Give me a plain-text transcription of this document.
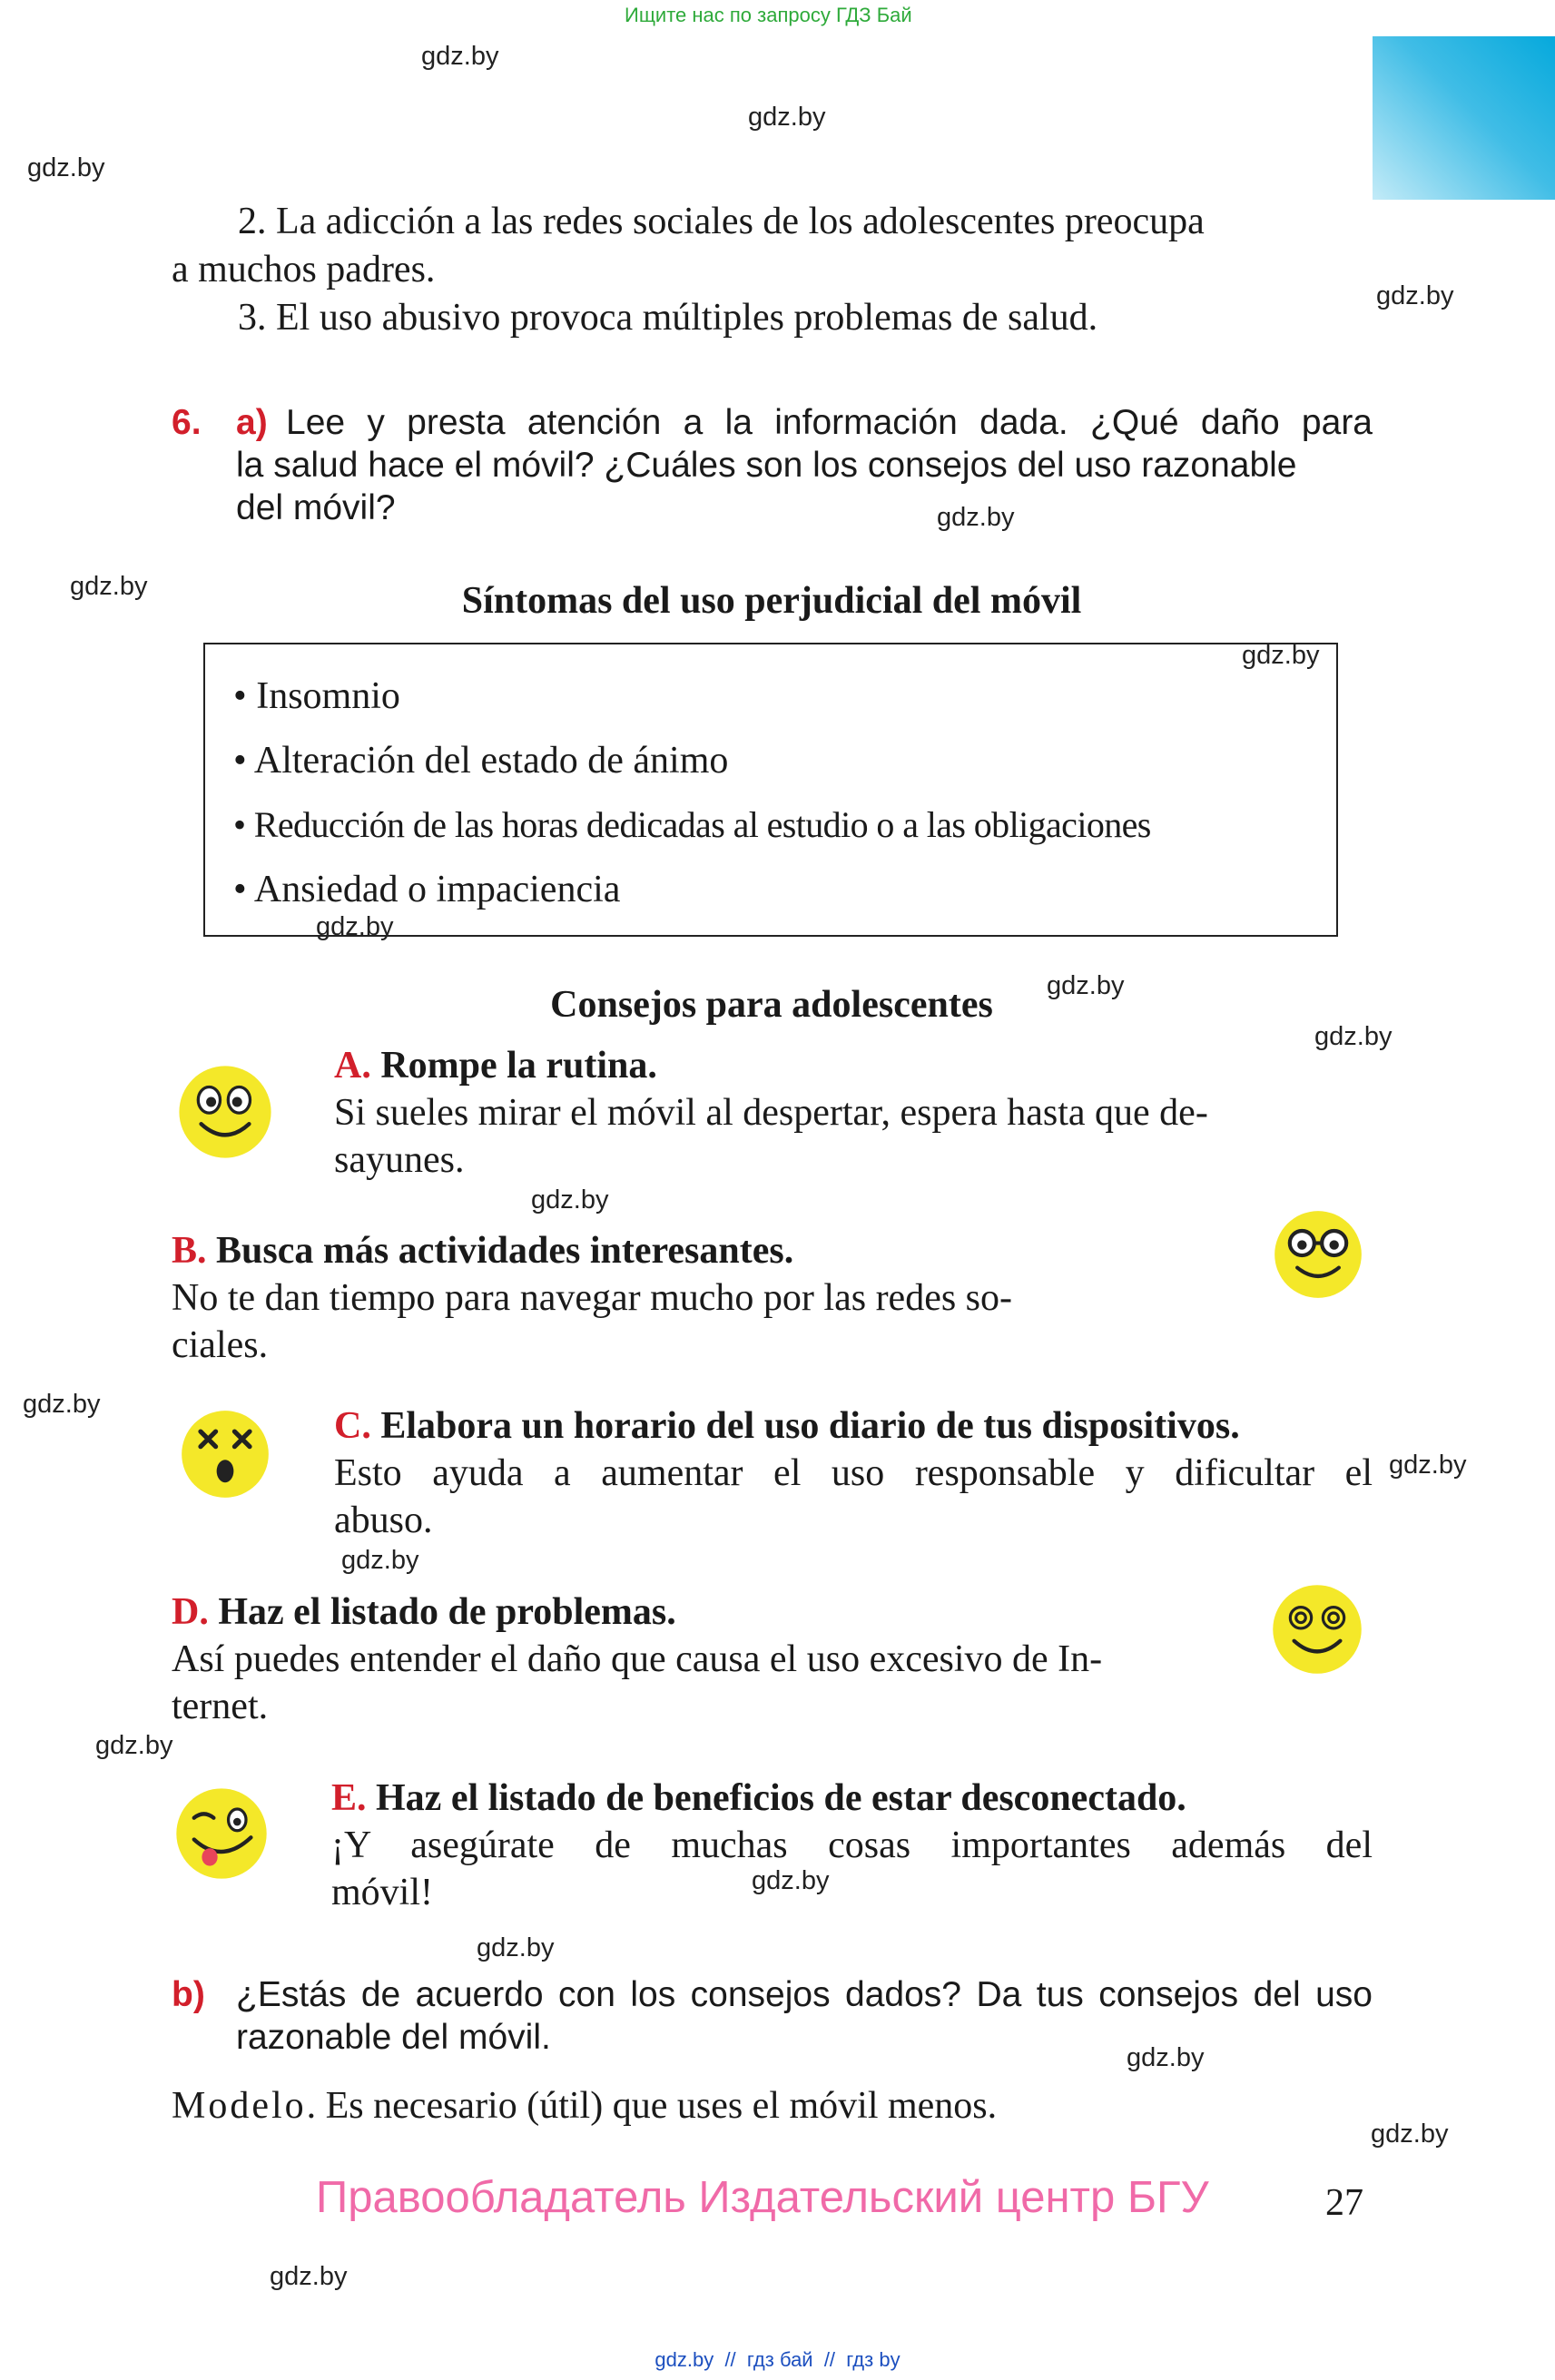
Ищите нас по запросу ГДЗ Бай
gdz.by
gdz.by
gdz.by
gdz.by
gdz.by
gdz.by
gdz.by
gdz.by
gdz.by
gdz.by
gdz.by
gdz.by
gdz.by
gdz.by
gdz.by
gdz.by
gdz.by
gdz.by
gdz.by
gdz.by
2. La adicción a las redes sociales de los adolescentes preocupa
a muchos padres.
3. El uso abusivo provoca múltiples problemas de salud.
6. a) Lee y presta atención a la información dada. ¿Qué daño para
la salud hace el móvil? ¿Cuáles son los consejos del uso razonable
del móvil?
Síntomas del uso perjudicial del móvil
• Insomnio
• Alteración del estado de ánimo
• Reducción de las horas dedicadas al estudio o a las obligaciones
• Ansiedad o impaciencia
Consejos para adolescentes
A. Rompe la rutina.
Si sueles mirar el móvil al despertar, espera hasta que de-
sayunes.
B. Busca más actividades interesantes.
No te dan tiempo para navegar mucho por las redes so-
ciales.
C. Elabora un horario del uso diario de tus dispositivos.
Esto ayuda a aumentar el uso responsable y dificultar el
abuso.
D. Haz el listado de problemas.
Así puedes entender el daño que causa el uso excesivo de In-
ternet.
E. Haz el listado de beneficios de estar desconectado.
¡Y asegúrate de muchas cosas importantes además del
móvil!
b) ¿Estás de acuerdo con los consejos dados? Da tus consejos del uso
razonable del móvil.
Modelo. Es necesario (útil) que uses el móvil menos.
Правообладатель Издательский центр БГУ	27
gdz.by  //  гдз бай  //  гдз by
